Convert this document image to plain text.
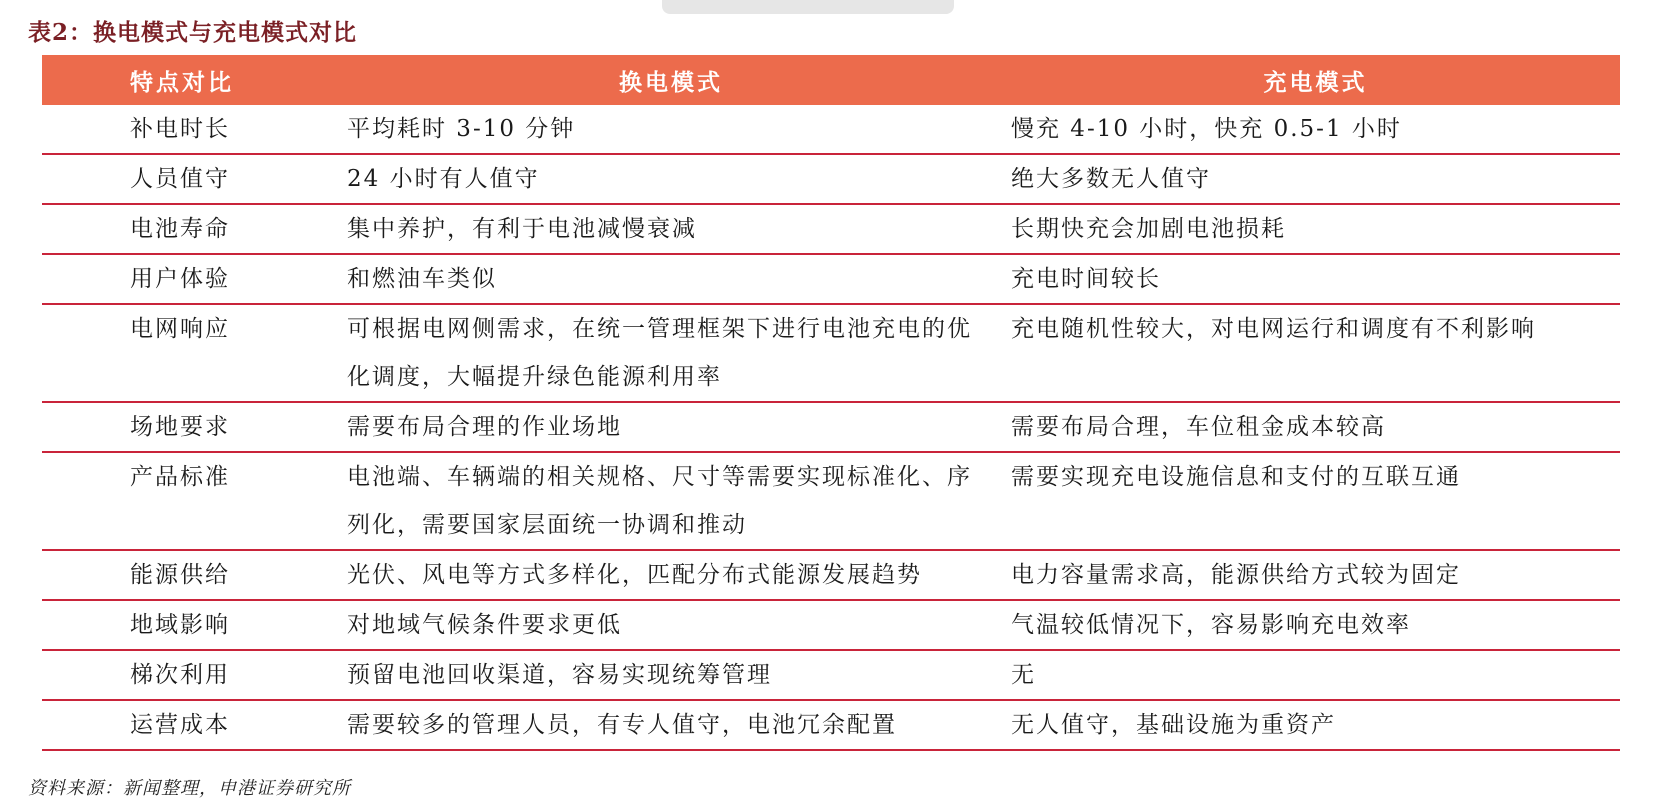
表2：换电模式与充电模式对比
特点对比	换电模式	充电模式
补电时长	平均耗时 3-10 分钟	慢充 4-10 小时，快充 0.5-1 小时
人员值守	24 小时有人值守	绝大多数无人值守
电池寿命	集中养护，有利于电池减慢衰减	长期快充会加剧电池损耗
用户体验	和燃油车类似	充电时间较长
电网响应	可根据电网侧需求，在统一管理框架下进行电池充电的优化调度，大幅提升绿色能源利用率	充电随机性较大，对电网运行和调度有不利影响
场地要求	需要布局合理的作业场地	需要布局合理，车位租金成本较高
产品标准	电池端、车辆端的相关规格、尺寸等需要实现标准化、序列化，需要国家层面统一协调和推动	需要实现充电设施信息和支付的互联互通
能源供给	光伏、风电等方式多样化，匹配分布式能源发展趋势	电力容量需求高，能源供给方式较为固定
地域影响	对地域气候条件要求更低	气温较低情况下，容易影响充电效率
梯次利用	预留电池回收渠道，容易实现统筹管理	无
运营成本	需要较多的管理人员，有专人值守，电池冗余配置	无人值守，基础设施为重资产
资料来源：新闻整理，申港证券研究所
